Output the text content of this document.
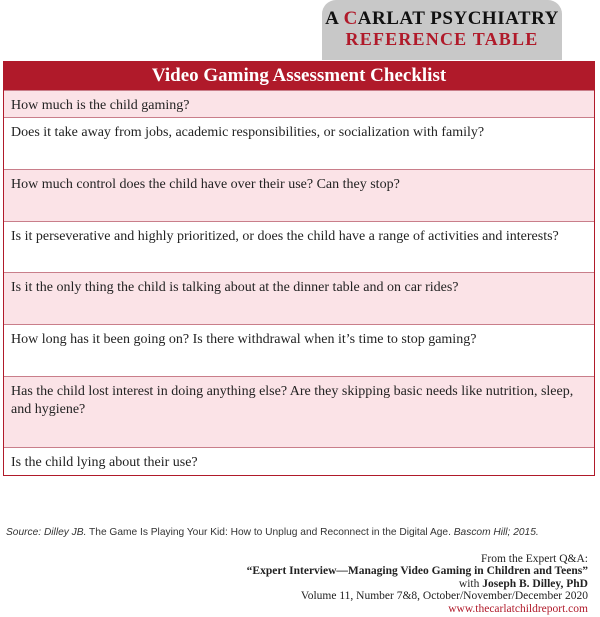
A CARLAT PSYCHIATRY
REFERENCE TABLE
Video Gaming Assessment Checklist
How much is the child gaming?
Does it take away from jobs, academic responsibilities, or socialization with family?
How much control does the child have over their use? Can they stop?
Is it perseverative and highly prioritized, or does the child have a range of activities and interests?
Is it the only thing the child is talking about at the dinner table and on car rides?
How long has it been going on? Is there withdrawal when it’s time to stop gaming?
Has the child lost interest in doing anything else? Are they skipping basic needs like nutrition, sleep, and hygiene?
Is the child lying about their use?
Source: Dilley JB. The Game Is Playing Your Kid: How to Unplug and Reconnect in the Digital Age. Bascom Hill; 2015.
From the Expert Q&A:
“Expert Interview—Managing Video Gaming in Children and Teens”
with Joseph B. Dilley, PhD
Volume 11, Number 7&8, October/November/December 2020
www.thecarlatchildreport.com
